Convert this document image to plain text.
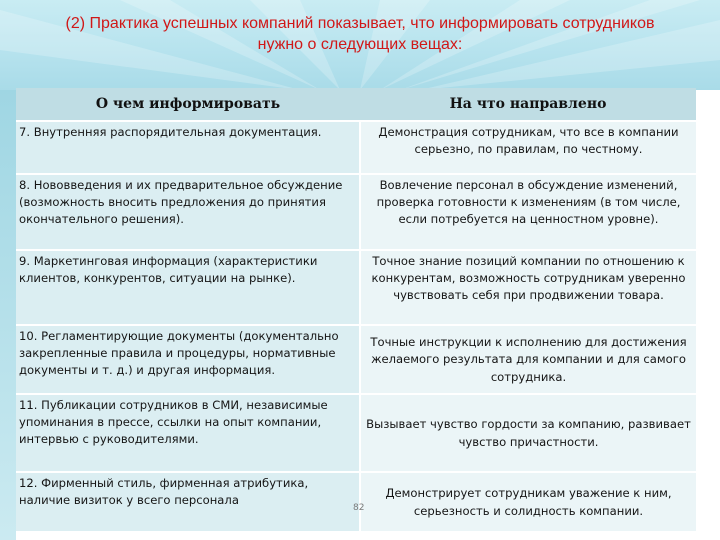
(2) Практика успешных компаний показывает, что информировать сотрудников нужно о следующих вещах:
О чем информировать	На что направлено
7. Внутренняя распорядительная документация.	Демонстрация сотрудникам, что все в компании серьезно, по правилам, по честному.
8. Нововведения и их предварительное обсуждение (возможность вносить предложения до принятия окончательного решения).	Вовлечение персонал в обсуждение изменений, проверка готовности к изменениям (в том числе, если потребуется на ценностном уровне).
9. Маркетинговая информация (характеристики клиентов, конкурентов, ситуации на рынке).	Точное знание позиций компании по отношению к конкурентам, возможность сотрудникам уверенно чувствовать себя при продвижении товара.
10. Регламентирующие документы (документально закрепленные правила и процедуры, нормативные документы и т. д.) и другая информация.	Точные инструкции к исполнению для достижения желаемого результата для компании и для самого сотрудника.
11. Публикации сотрудников в СМИ, независимые упоминания в прессе, ссылки на опыт компании, интервью с руководителями.	Вызывает чувство гордости за компанию, развивает чувство причастности.
12. Фирменный стиль, фирменная атрибутика, наличие визиток у всего персонала	Демонстрирует сотрудникам уважение к ним, серьезность и солидность компании.
82
